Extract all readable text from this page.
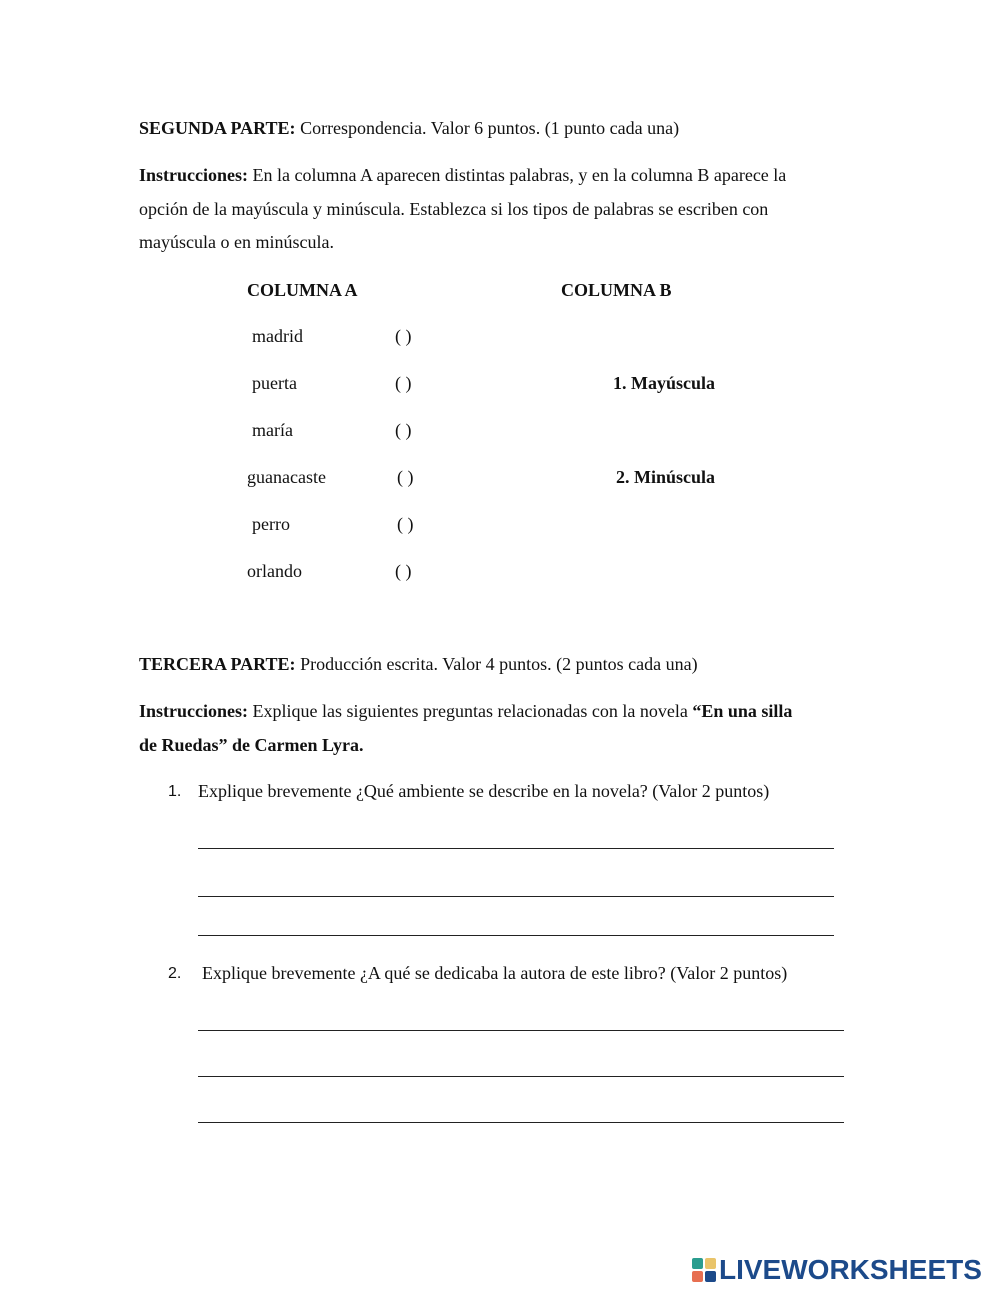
SEGUNDA PARTE: Correspondencia. Valor 6 puntos. (1 punto cada una)
Instrucciones: En la columna A aparecen distintas palabras, y en la columna B aparece la
opción de la mayúscula y minúscula. Establezca si los tipos de palabras se escriben con
mayúscula o en minúscula.
COLUMNA A	COLUMNA B
madrid
puerta
maría
guanacaste
perro
orlando
( )
( )
( )
( )
( )
( )
1. Mayúscula
2. Minúscula
TERCERA PARTE: Producción escrita. Valor 4 puntos. (2 puntos cada una)
Instrucciones: Explique las siguientes preguntas relacionadas con la novela “En una silla
de Ruedas” de Carmen Lyra.
1. Explique brevemente ¿Qué ambiente se describe en la novela? (Valor 2 puntos)
2. Explique brevemente ¿A qué se dedicaba la autora de este libro? (Valor 2 puntos)
LIVEWORKSHEETS
